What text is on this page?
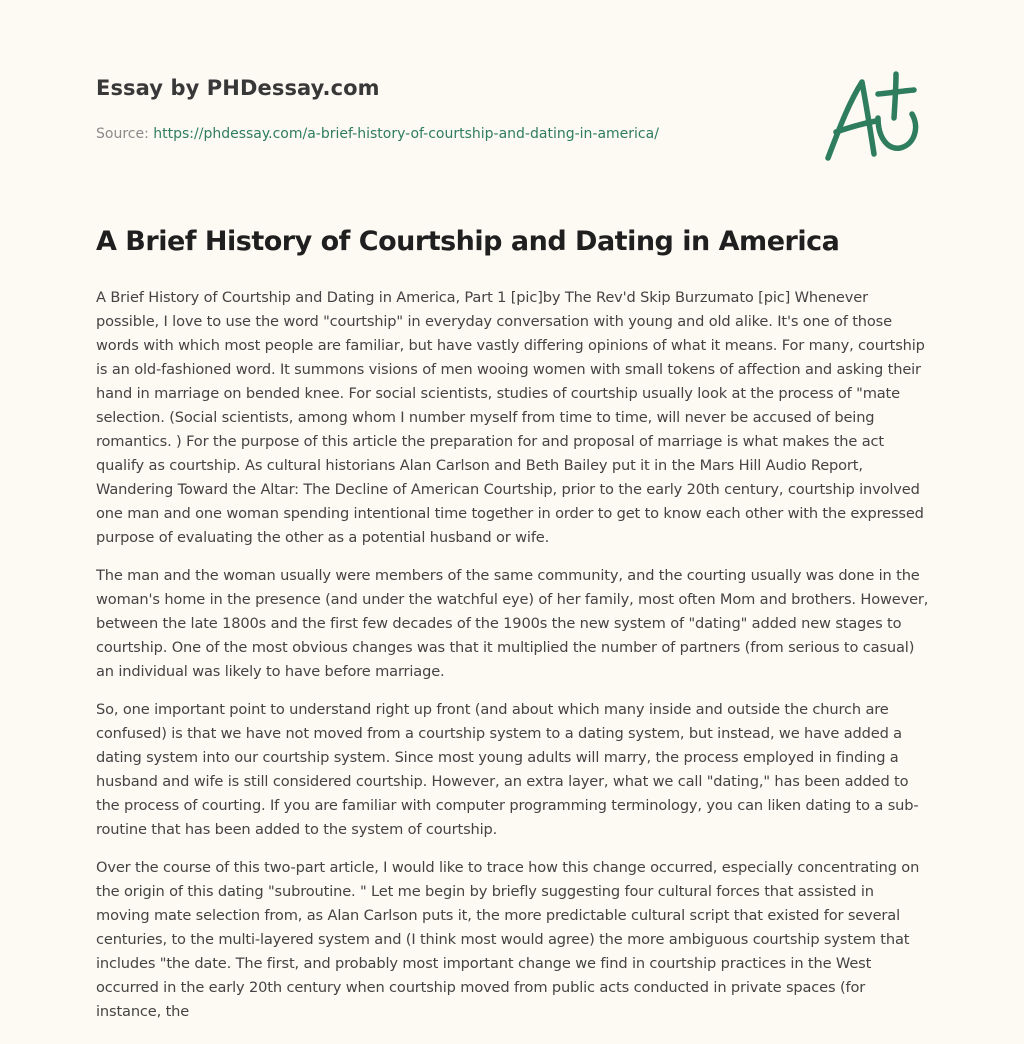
Essay by PHDessay.com
Source: https://phdessay.com/a-brief-history-of-courtship-and-dating-in-america/
A Brief History of Courtship and Dating in America

A Brief History of Courtship and Dating in America, Part 1 [pic]by The Rev'd Skip Burzumato [pic] Whenever possible, I love to use the word "courtship" in everyday conversation with young and old alike. It's one of those words with which most people are familiar, but have vastly differing opinions of what it means. For many, courtship is an old-fashioned word. It summons visions of men wooing women with small tokens of affection and asking their hand in marriage on bended knee. For social scientists, studies of courtship usually look at the process of "mate selection. (Social scientists, among whom I number myself from time to time, will never be accused of being romantics. ) For the purpose of this article the preparation for and proposal of marriage is what makes the act qualify as courtship. As cultural historians Alan Carlson and Beth Bailey put it in the Mars Hill Audio Report, Wandering Toward the Altar: The Decline of American Courtship, prior to the early 20th century, courtship involved one man and one woman spending intentional time together in order to get to know each other with the expressed purpose of evaluating the other as a potential husband or wife.

The man and the woman usually were members of the same community, and the courting usually was done in the woman's home in the presence (and under the watchful eye) of her family, most often Mom and brothers. However, between the late 1800s and the first few decades of the 1900s the new system of "dating" added new stages to courtship. One of the most obvious changes was that it multiplied the number of partners (from serious to casual) an individual was likely to have before marriage.

So, one important point to understand right up front (and about which many inside and outside the church are confused) is that we have not moved from a courtship system to a dating system, but instead, we have added a dating system into our courtship system. Since most young adults will marry, the process employed in finding a husband and wife is still considered courtship. However, an extra layer, what we call "dating," has been added to the process of courting. If you are familiar with computer programming terminology, you can liken dating to a sub-routine that has been added to the system of courtship.

Over the course of this two-part article, I would like to trace how this change occurred, especially concentrating on the origin of this dating "subroutine. " Let me begin by briefly suggesting four cultural forces that assisted in moving mate selection from, as Alan Carlson puts it, the more predictable cultural script that existed for several centuries, to the multi-layered system and (I think most would agree) the more ambiguous courtship system that includes "the date. The first, and probably most important change we find in courtship practices in the West occurred in the early 20th century when courtship moved from public acts conducted in private spaces (for instance, the
